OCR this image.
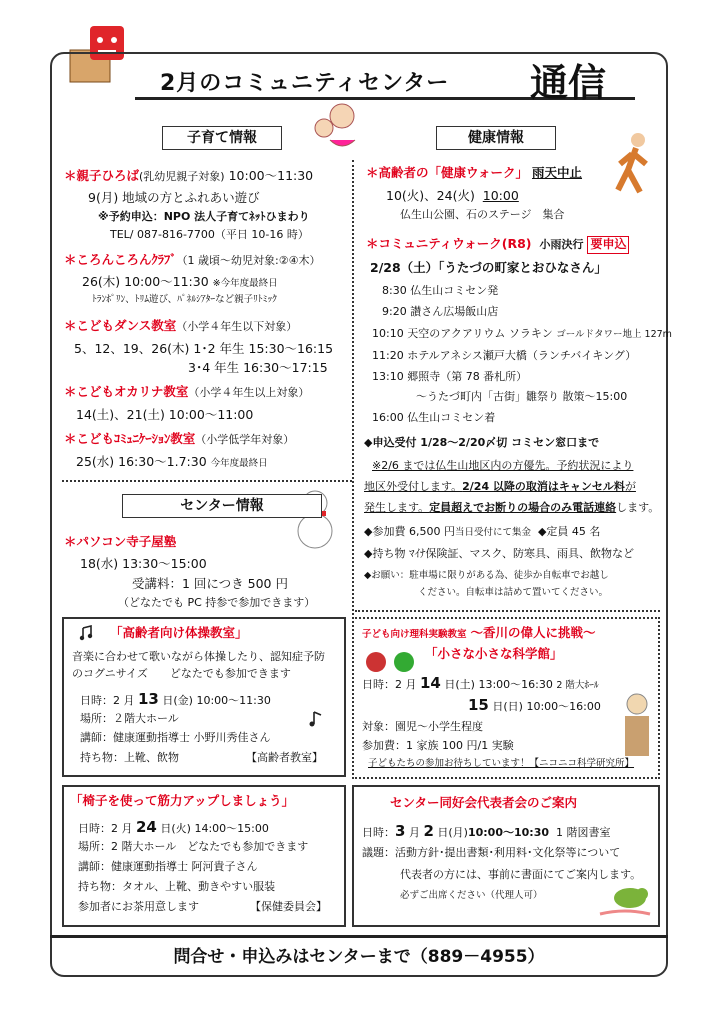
2月のコミュニティセンター 通信
子育て情報	健康情報
センター情報
＊親子ひろば(乳幼児親子対象) 10:00～11:30
9(月) 地域の方とふれあい遊び
※予約申込：NPO 法人子育てﾈｯﾄひまわり
TEL/ 087-816-7700（平日 10-16 時）
＊ころんころんｸﾗﾌﾞ（1 歳頃～幼児対象:②④木）
26(木) 10:00～11:30 ※今年度最終日
ﾄﾗﾝﾎﾟﾘﾝ、ﾄﾘﾑ遊び、ﾊﾟﾈﾙｼｱﾀｰなど親子ﾘﾄﾐｯｸ
＊こどもダンス教室（小学４年生以下対象）
5、12、19、26(木) 1･2 年生 15:30～16:15
3･4 年生 16:30～17:15
＊こどもオカリナ教室（小学４年生以上対象）
14(土)、21(土) 10:00～11:00
＊こどもｺﾐｭﾆｹｰｼｮﾝ教室（小学低学年対象）
25(水) 16:30～1.7:30 今年度最終日
＊パソコン寺子屋塾
18(水) 13:30～15:00
受講料：1 回につき 500 円
（どなたでも PC 持参で参加できます）
＊高齢者の「健康ウォーク」 雨天中止
10(火)、24(火) 10:00
仏生山公園、石のステージ　集合
＊コミュニティウォーク(R8) 小雨決行 要申込
2/28（土）「うたづの町家とおひなさん」
8:30 仏生山コミセン発
9:20 讃さん広場飯山店
10:10 天空のアクアリウム ソラキン ゴールドタワー地上 127m
11:20 ホテルアネシス瀬戸大橋（ランチバイキング）
13:10 郷照寺（第 78 番札所）
～うたづ町内「古街」雛祭り 散策～15:00
16:00 仏生山コミセン着
◆申込受付 1/28～2/20〆切 コミセン窓口まで
※2/6 までは仏生山地区内の方優先。予約状況により
地区外受付します。2/24 以降の取消はキャンセル料が
発生します。定員超えでお断りの場合のみ電話連絡します。
◆参加費 6,500 円当日受付にて集金 ◆定員 45 名
◆持ち物 ﾏｲﾅ保険証、マスク、防寒具、雨具、飲物など
◆お願い：駐車場に限りがある為、徒歩か自転車でお越し
ください。自転車は詰めて置いてください。
「高齢者向け体操教室」
音楽に合わせて歌いながら体操したり、認知症予防
のコグニサイズ　　どなたでも参加できます
日時：2 月 13 日(金) 10:00～11:30
場所：２階大ホール
講師：健康運動指導士 小野川秀佳さん
持ち物：上靴、飲物	【高齢者教室】
子ども向け理科実験教室 ～香川の偉人に挑戦～
「小さな小さな科学館」
日時：2 月 14 日(土) 13:00～16:30 2 階大ﾎｰﾙ
15 日(日) 10:00～16:00
対象：園児～小学生程度
参加費：1 家族 100 円/1 実験
子どもたちの参加お待ちしています！【ニコニコ科学研究所】
「椅子を使って筋力アップしましょう」
日時：2 月 24 日(火) 14:00～15:00
場所：2 階大ホール　どなたでも参加できます
講師：健康運動指導士 阿河貴子さん
持ち物：タオル、上靴、動きやすい服装
参加者にお茶用意します	【保健委員会】
センター同好会代表者会のご案内
日時：3 月 2 日(月)10:00～10:30 1 階図書室
議題：活動方針･提出書類･利用料･文化祭等について
代表者の方には、事前に書面にてご案内します。
必ずご出席ください（代理人可）
問合せ・申込みはセンターまで（889－4955）
